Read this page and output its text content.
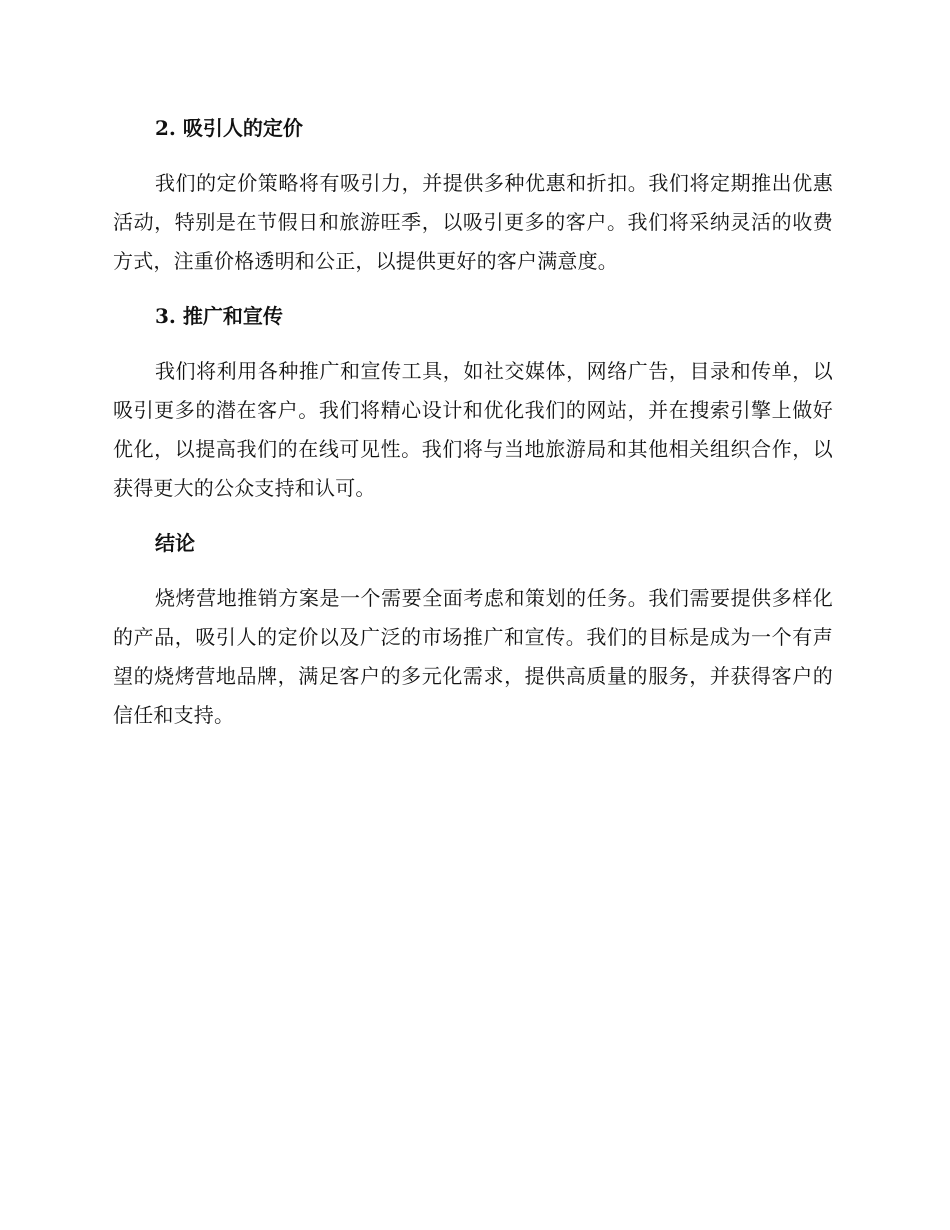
2. 吸引人的定价

我们的定价策略将有吸引力，并提供多种优惠和折扣。我们将定期推出优惠活动，特别是在节假日和旅游旺季，以吸引更多的客户。我们将采纳灵活的收费方式，注重价格透明和公正，以提供更好的客户满意度。

3. 推广和宣传

我们将利用各种推广和宣传工具，如社交媒体，网络广告，目录和传单，以吸引更多的潜在客户。我们将精心设计和优化我们的网站，并在搜索引擎上做好优化，以提高我们的在线可见性。我们将与当地旅游局和其他相关组织合作，以获得更大的公众支持和认可。

结论

烧烤营地推销方案是一个需要全面考虑和策划的任务。我们需要提供多样化的产品，吸引人的定价以及广泛的市场推广和宣传。我们的目标是成为一个有声望的烧烤营地品牌，满足客户的多元化需求，提供高质量的服务，并获得客户的信任和支持。
